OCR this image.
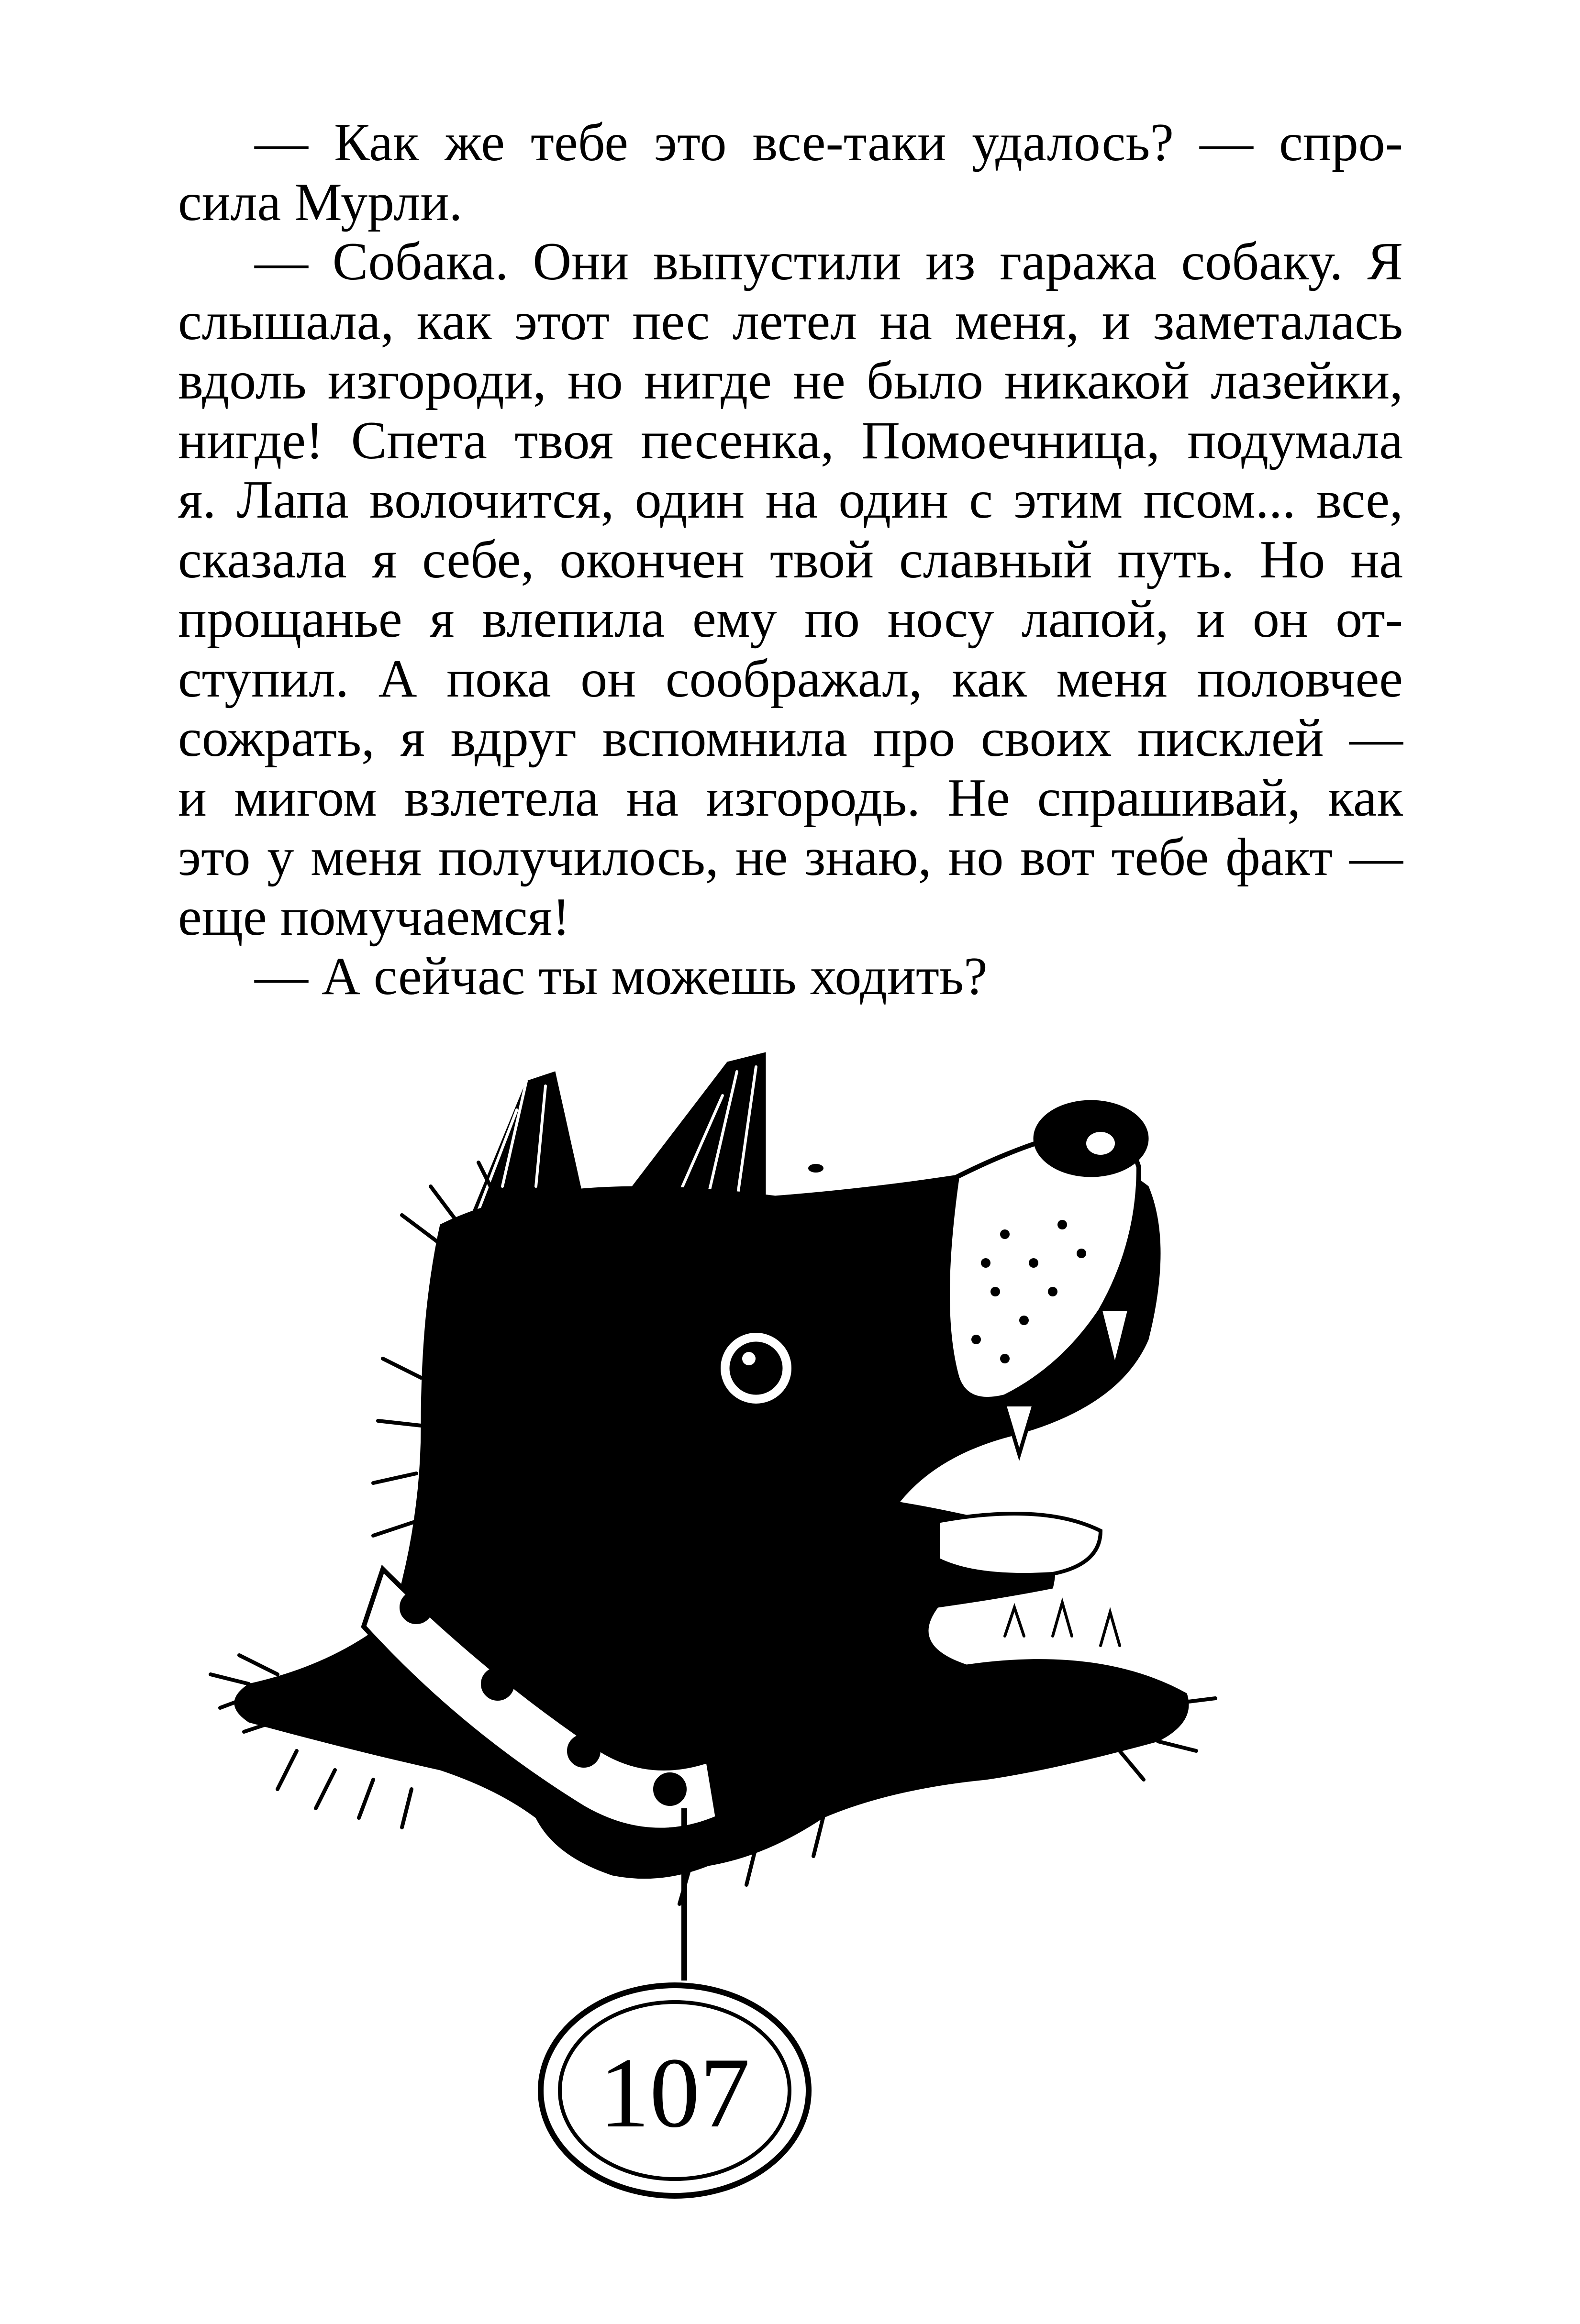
— Как же тебе это все-таки удалось? — спро-
сила Мурли.

— Собака. Они выпустили из гаража собаку. Я
слышала, как этот пес летел на меня, и заметалась
вдоль изгороди, но нигде не было никакой лазейки,
нигде! Спета твоя песенка, Помоечница, подумала
я. Лапа волочится, один на один с этим псом... все,
сказала я себе, окончен твой славный путь. Но на
прощанье я влепила ему по носу лапой, и он от-
ступил. А пока он соображал, как меня половчее
сожрать, я вдруг вспомнила про своих писклей —
и мигом взлетела на изгородь. Не спрашивай, как
это у меня получилось, не знаю, но вот тебе факт —
еще помучаемся!

— А сейчас ты можешь ходить?

107
